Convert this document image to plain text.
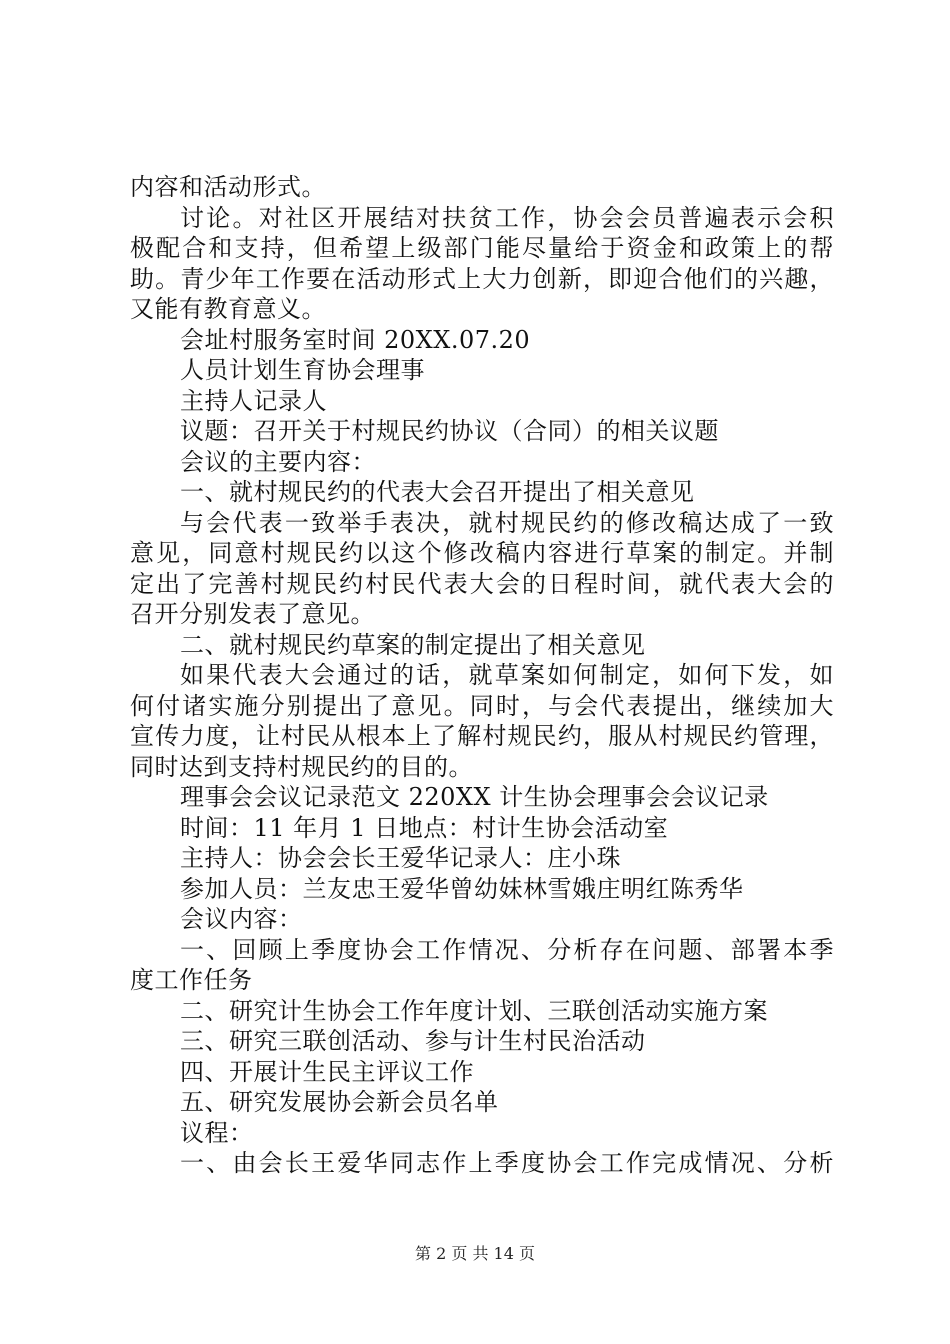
内容和活动形式。
讨论。对社区开展结对扶贫工作，协会会员普遍表示会积
极配合和支持，但希望上级部门能尽量给于资金和政策上的帮
助。青少年工作要在活动形式上大力创新，即迎合他们的兴趣，
又能有教育意义。
会址村服务室时间 20XX.07.20
人员计划生育协会理事
主持人记录人
议题：召开关于村规民约协议（合同）的相关议题
会议的主要内容：
一、就村规民约的代表大会召开提出了相关意见
与会代表一致举手表决，就村规民约的修改稿达成了一致
意见，同意村规民约以这个修改稿内容进行草案的制定。并制
定出了完善村规民约村民代表大会的日程时间，就代表大会的
召开分别发表了意见。
二、就村规民约草案的制定提出了相关意见
如果代表大会通过的话，就草案如何制定，如何下发，如
何付诸实施分别提出了意见。同时，与会代表提出，继续加大
宣传力度，让村民从根本上了解村规民约，服从村规民约管理，
同时达到支持村规民约的目的。
理事会会议记录范文 220XX 计生协会理事会会议记录
时间：11 年月 1 日地点：村计生协会活动室
主持人：协会会长王爱华记录人：庄小珠
参加人员：兰友忠王爱华曾幼妹林雪娥庄明红陈秀华
会议内容：
一、回顾上季度协会工作情况、分析存在问题、部署本季
度工作任务
二、研究计生协会工作年度计划、三联创活动实施方案
三、研究三联创活动、参与计生村民治活动
四、开展计生民主评议工作
五、研究发展协会新会员名单
议程：
一、由会长王爱华同志作上季度协会工作完成情况、分析
第 2 页 共 14 页
